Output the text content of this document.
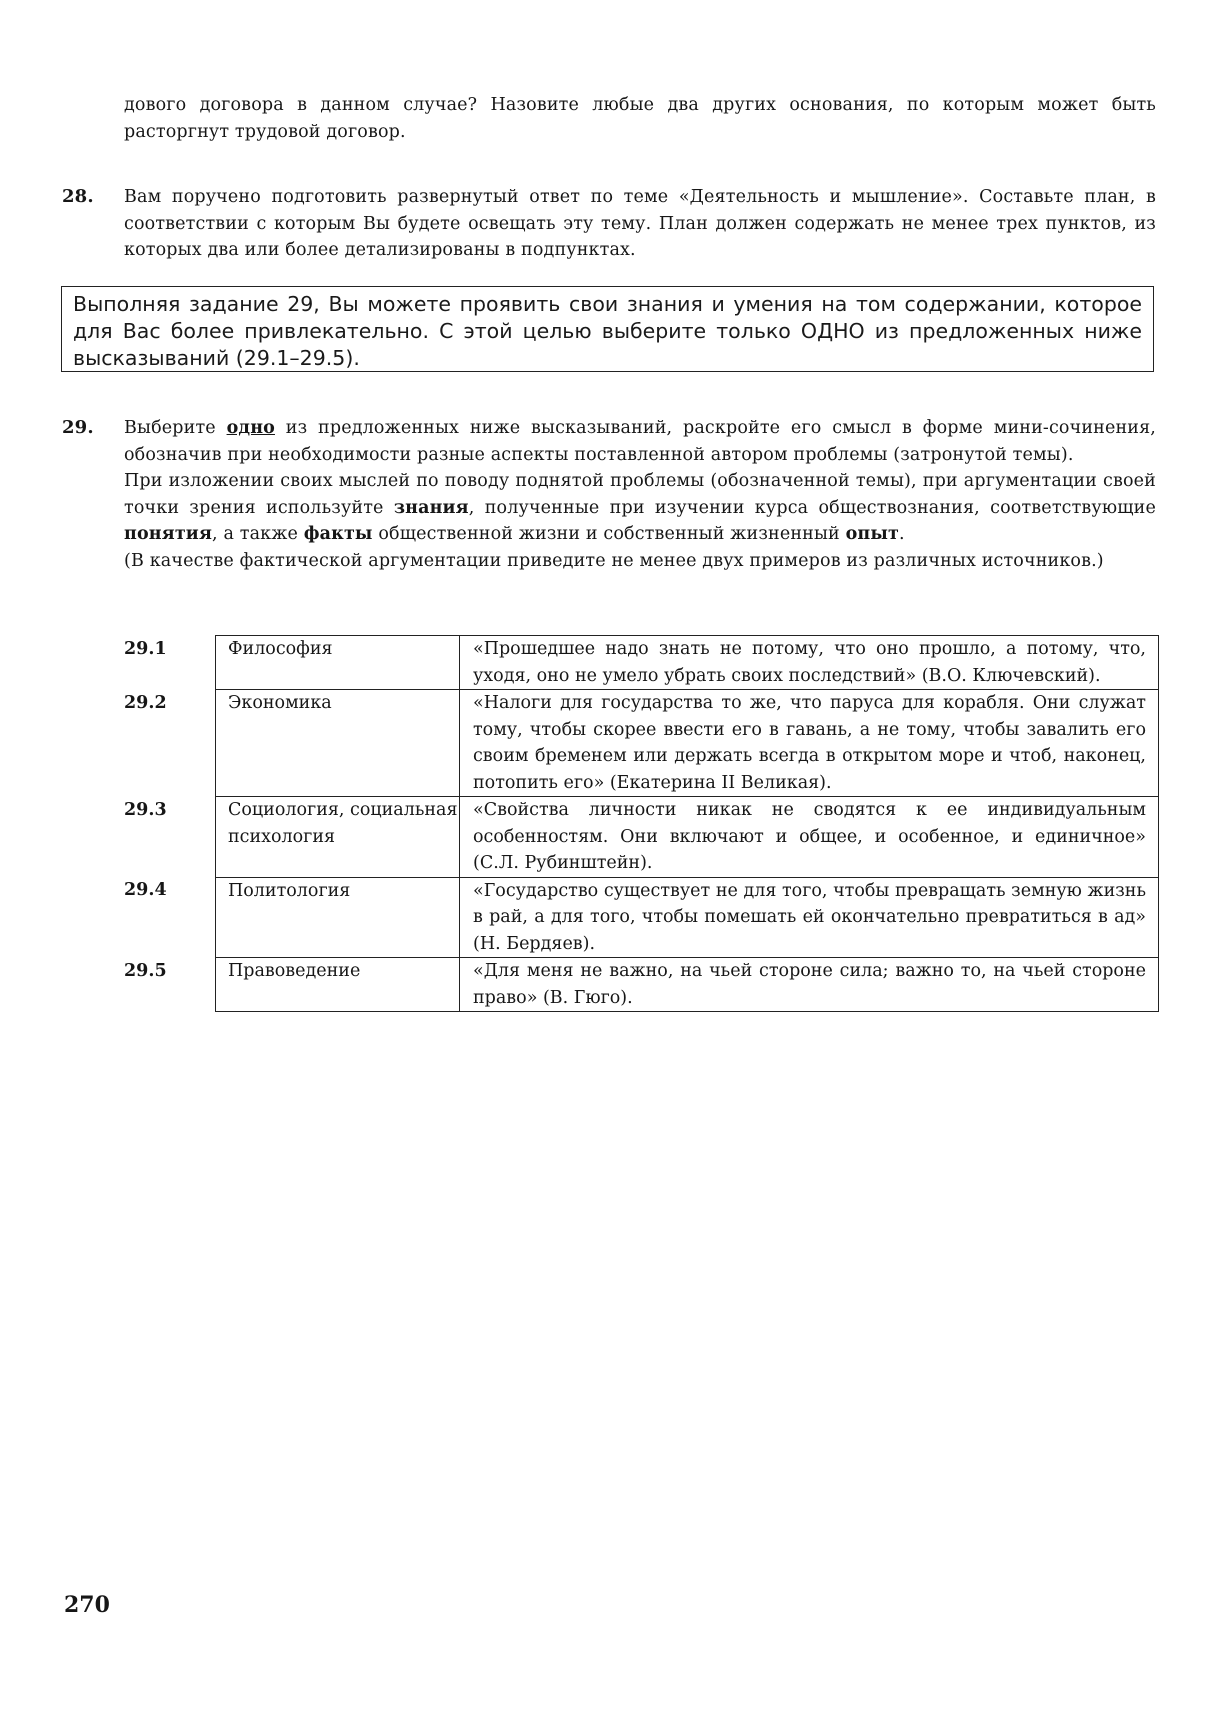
дового договора в данном случае? Назовите любые два других основания, по которым может быть расторгнут трудовой договор.

28. Вам поручено подготовить развернутый ответ по теме «Деятельность и мышление». Составьте план, в соответствии с которым Вы будете освещать эту тему. План должен содержать не менее трех пунктов, из которых два или более детализированы в подпунктах.

Выполняя задание 29, Вы можете проявить свои знания и умения на том содержании, которое для Вас более привлекательно. С этой целью выберите только ОДНО из предложенных ниже высказываний (29.1–29.5).
29. Выберите одно из предложенных ниже высказываний, раскройте его смысл в форме мини-сочинения, обозначив при необходимости разные аспекты поставленной автором проблемы (затронутой темы).

При изложении своих мыслей по поводу поднятой проблемы (обозначенной темы), при аргументации своей точки зрения используйте знания, полученные при изучении курса обществознания, соответствующие понятия, а также факты общественной жизни и собственный жизненный опыт.

(В качестве фактической аргументации приведите не менее двух примеров из различных источников.)

29.1	Философия	«Прошедшее надо знать не потому, что оно прошло, а потому, что, уходя, оно не умело убрать своих последствий» (В.О. Ключевский).
29.2	Экономика	«Налоги для государства то же, что паруса для корабля. Они служат тому, чтобы скорее ввести его в гавань, а не тому, чтобы завалить его своим бременем или держать всегда в открытом море и чтоб, наконец, потопить его» (Екатерина II Великая).
29.3	Социология, социальная психология	«Свойства личности никак не сводятся к ее индивидуальным особенностям. Они включают и общее, и особенное, и единичное» (С.Л. Рубинштейн).
29.4	Политология	«Государство существует не для того, чтобы превращать земную жизнь в рай, а для того, чтобы помешать ей окончательно превратиться в ад» (Н. Бердяев).
29.5	Правоведение	«Для меня не важно, на чьей стороне сила; важно то, на чьей стороне право» (В. Гюго).
270
